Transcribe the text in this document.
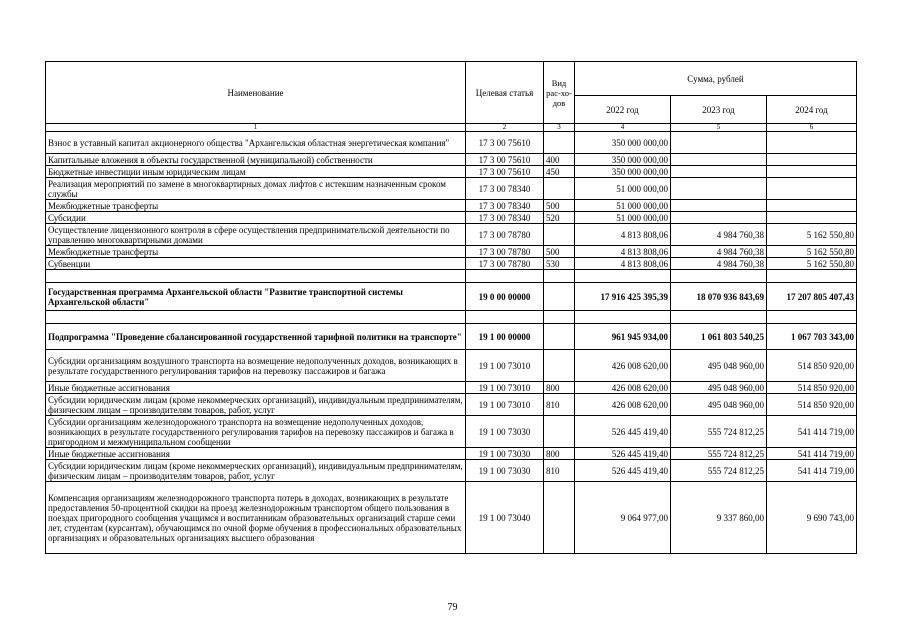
Наименование	Целевая статья	Вид рас-хо-дов	Сумма, рублей		
			2022 год	2023 год	2024 год
1	2	3	4	5	6
Взнос в уставный капитал акционерного общества "Архангельская областная энергетическая компания"	17 3 00 75610		350 000 000,00		
Капитальные вложения в объекты государственной (муниципальной) собственности	17 3 00 75610	400	350 000 000,00		
Бюджетные инвестиции иным юридическим лицам	17 3 00 75610	450	350 000 000,00		
Реализация мероприятий по замене в многоквартирных домах лифтов с истекшим назначенным сроком службы	17 3 00 78340		51 000 000,00		
Межбюджетные трансферты	17 3 00 78340	500	51 000 000,00		
Субсидии	17 3 00 78340	520	51 000 000,00		
Осуществление лицензионного контроля в сфере осуществления предпринимательской деятельности по управлению многоквартирными домами	17 3 00 78780		4 813 808,06	4 984 760,38	5 162 550,80
Межбюджетные трансферты	17 3 00 78780	500	4 813 808,06	4 984 760,38	5 162 550,80
Субвенции	17 3 00 78780	530	4 813 808,06	4 984 760,38	5 162 550,80

Государственная программа Архангельской области "Развитие транспортной системы Архангельской области"	19 0 00 00000		17 916 425 395,39	18 070 936 843,69	17 207 805 407,43

Подпрограмма "Проведение сбалансированной государственной тарифной политики на транспорте"	19 1 00 00000		961 945 934,00	1 061 803 540,25	1 067 703 343,00
Субсидии организациям воздушного транспорта на возмещение недополученных доходов, возникающих в результате государственного регулирования тарифов на перевозку пассажиров и багажа	19 1 00 73010		426 008 620,00	495 048 960,00	514 850 920,00
Иные бюджетные ассигнования	19 1 00 73010	800	426 008 620,00	495 048 960,00	514 850 920,00
Субсидии юридическим лицам (кроме некоммерческих организаций), индивидуальным предпринимателям, физическим лицам – производителям товаров, работ, услуг	19 1 00 73010	810	426 008 620,00	495 048 960,00	514 850 920,00
Субсидии организациям железнодорожного транспорта на возмещение недополученных доходов, возникающих в результате государственного регулирования тарифов на перевозку пассажиров и багажа в пригородном и межмуниципальном сообщении	19 1 00 73030		526 445 419,40	555 724 812,25	541 414 719,00
Иные бюджетные ассигнования	19 1 00 73030	800	526 445 419,40	555 724 812,25	541 414 719,00
Субсидии юридическим лицам (кроме некоммерческих организаций), индивидуальным предпринимателям, физическим лицам – производителям товаров, работ, услуг	19 1 00 73030	810	526 445 419,40	555 724 812,25	541 414 719,00
Компенсация организациям железнодорожного транспорта потерь в доходах, возникающих в результате предоставления 50-процентной скидки на проезд железнодорожным транспортом общего пользования в поездах пригородного сообщения учащимся и воспитанникам образовательных организаций старше семи лет, студентам (курсантам), обучающимся по очной форме обучения в профессиональных образовательных организациях и образовательных организациях высшего образования	19 1 00 73040		9 064 977,00	9 337 860,00	9 690 743,00
79
